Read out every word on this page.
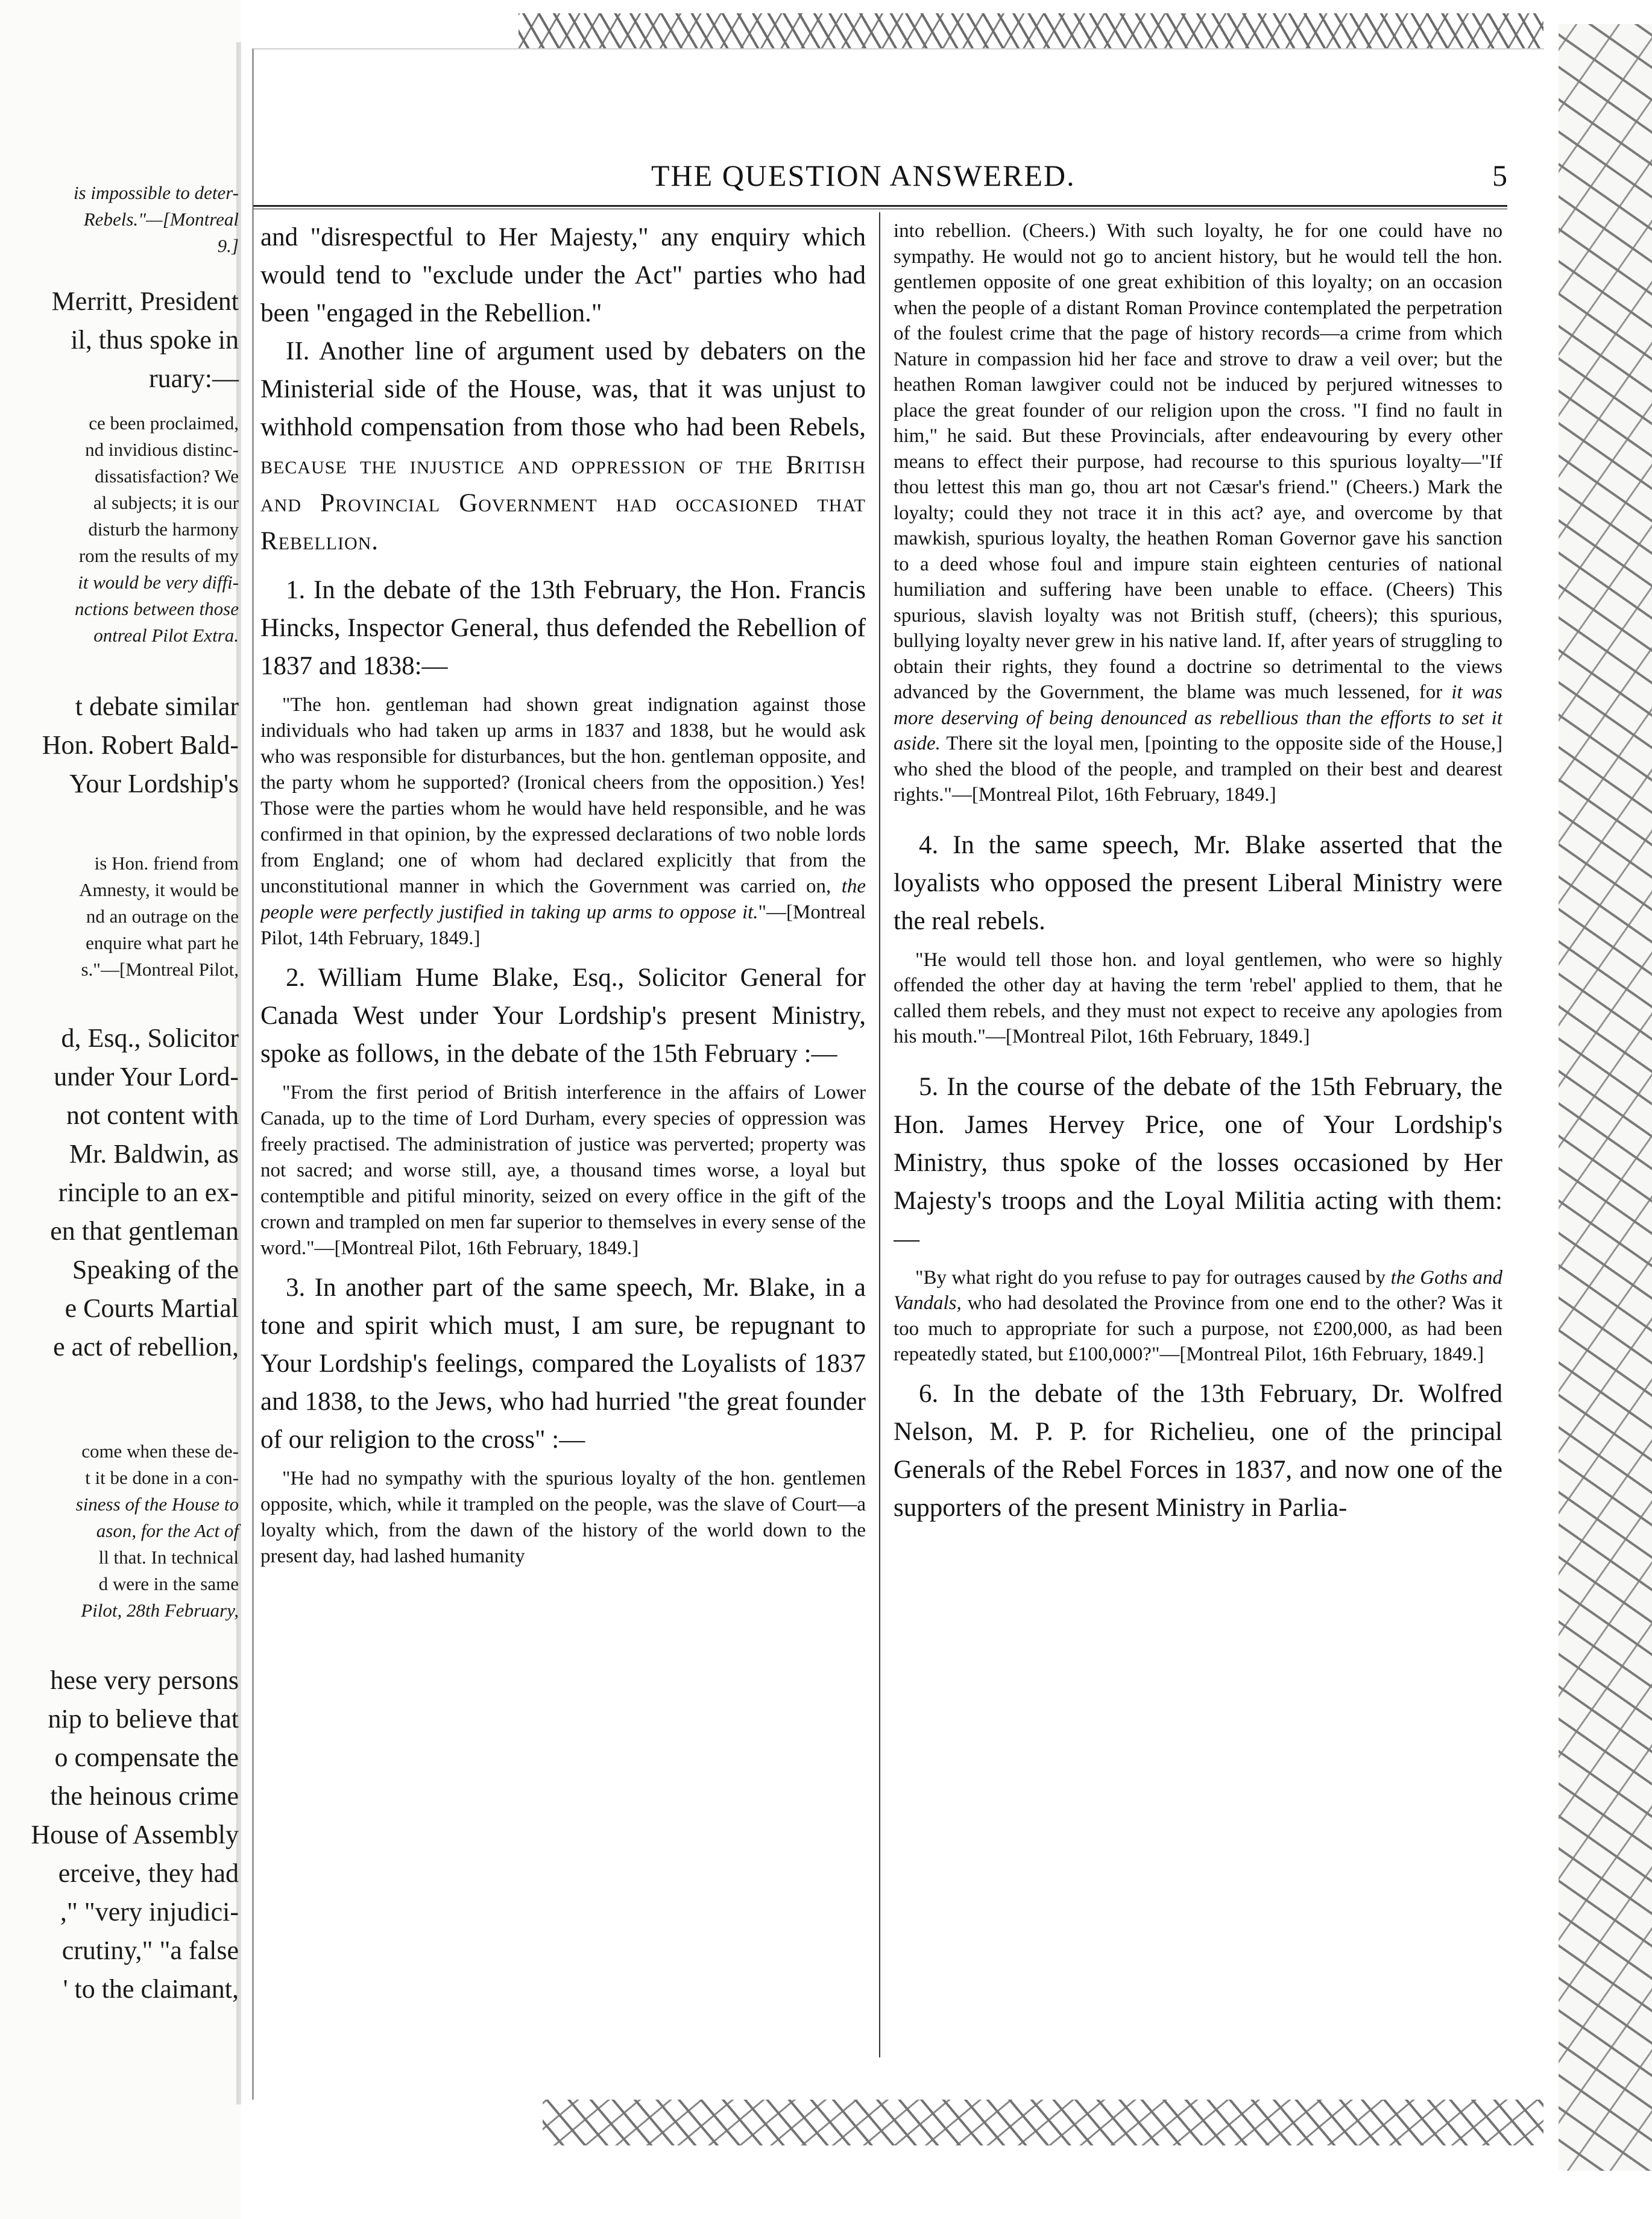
is impossible to deter-
Rebels."—[Montreal
9.]
Merritt, President
il, thus spoke in
ruary:—
ce been proclaimed,
nd invidious distinc-
dissatisfaction? We
al subjects; it is our
disturb the harmony
rom the results of my
it would be very diffi-
nctions between those
ontreal Pilot Extra.
t debate similar
Hon. Robert Bald-
Your Lordship's
is Hon. friend from
Amnesty, it would be
nd an outrage on the
enquire what part he
s."—[Montreal Pilot,
d, Esq., Solicitor
under Your Lord-
not content with
Mr. Baldwin, as
rinciple to an ex-
en that gentleman
Speaking of the
e Courts Martial
e act of rebellion,
come when these de-
t it be done in a con-
siness of the House to
ason, for the Act of
ll that. In technical
d were in the same
Pilot, 28th February,
hese very persons
nip to believe that
o compensate the
the heinous crime
House of Assembly
erceive, they had
," "very injudici-
crutiny," "a false
' to the claimant,
THE QUESTION ANSWERED.	5

and "disrespectful to Her Majesty," any enquiry which would tend to "exclude under the Act" parties who had been "engaged in the Rebellion."

II. Another line of argument used by debaters on the Ministerial side of the House, was, that it was unjust to withhold compensation from those who had been Rebels, because the injustice and oppression of the British and Provincial Government had occasioned that Rebellion.

1. In the debate of the 13th February, the Hon. Francis Hincks, Inspector General, thus defended the Rebellion of 1837 and 1838:—

"The hon. gentleman had shown great indignation against those individuals who had taken up arms in 1837 and 1838, but he would ask who was responsible for disturbances, but the hon. gentleman opposite, and the party whom he supported? (Ironical cheers from the opposition.) Yes! Those were the parties whom he would have held responsible, and he was confirmed in that opinion, by the expressed declarations of two noble lords from England; one of whom had declared explicitly that from the unconstitutional manner in which the Government was carried on, the people were perfectly justified in taking up arms to oppose it."—[Montreal Pilot, 14th February, 1849.]

2. William Hume Blake, Esq., Solicitor General for Canada West under Your Lordship's present Ministry, spoke as follows, in the debate of the 15th February :—

"From the first period of British interference in the affairs of Lower Canada, up to the time of Lord Durham, every species of oppression was freely practised. The administration of justice was perverted; property was not sacred; and worse still, aye, a thousand times worse, a loyal but contemptible and pitiful minority, seized on every office in the gift of the crown and trampled on men far superior to themselves in every sense of the word."—[Montreal Pilot, 16th February, 1849.]

3. In another part of the same speech, Mr. Blake, in a tone and spirit which must, I am sure, be repugnant to Your Lordship's feelings, compared the Loyalists of 1837 and 1838, to the Jews, who had hurried "the great founder of our religion to the cross" :—

"He had no sympathy with the spurious loyalty of the hon. gentlemen opposite, which, while it trampled on the people, was the slave of Court—a loyalty which, from the dawn of the history of the world down to the present day, had lashed humanity

into rebellion. (Cheers.) With such loyalty, he for one could have no sympathy. He would not go to ancient history, but he would tell the hon. gentlemen opposite of one great exhibition of this loyalty; on an occasion when the people of a distant Roman Province contemplated the perpetration of the foulest crime that the page of history records—a crime from which Nature in compassion hid her face and strove to draw a veil over; but the heathen Roman lawgiver could not be induced by perjured witnesses to place the great founder of our religion upon the cross. "I find no fault in him," he said. But these Provincials, after endeavouring by every other means to effect their purpose, had recourse to this spurious loyalty—"If thou lettest this man go, thou art not Cæsar's friend." (Cheers.) Mark the loyalty; could they not trace it in this act? aye, and overcome by that mawkish, spurious loyalty, the heathen Roman Governor gave his sanction to a deed whose foul and impure stain eighteen centuries of national humiliation and suffering have been unable to efface. (Cheers) This spurious, slavish loyalty was not British stuff, (cheers); this spurious, bullying loyalty never grew in his native land. If, after years of struggling to obtain their rights, they found a doctrine so detrimental to the views advanced by the Government, the blame was much lessened, for it was more deserving of being denounced as rebellious than the efforts to set it aside. There sit the loyal men, [pointing to the opposite side of the House,] who shed the blood of the people, and trampled on their best and dearest rights."—[Montreal Pilot, 16th February, 1849.]

4. In the same speech, Mr. Blake asserted that the loyalists who opposed the present Liberal Ministry were the real rebels.

"He would tell those hon. and loyal gentlemen, who were so highly offended the other day at having the term 'rebel' applied to them, that he called them rebels, and they must not expect to receive any apologies from his mouth."—[Montreal Pilot, 16th February, 1849.]

5. In the course of the debate of the 15th February, the Hon. James Hervey Price, one of Your Lordship's Ministry, thus spoke of the losses occasioned by Her Majesty's troops and the Loyal Militia acting with them:—

"By what right do you refuse to pay for outrages caused by the Goths and Vandals, who had desolated the Province from one end to the other? Was it too much to appropriate for such a purpose, not £200,000, as had been repeatedly stated, but £100,000?"—[Montreal Pilot, 16th February, 1849.]

6. In the debate of the 13th February, Dr. Wolfred Nelson, M. P. P. for Richelieu, one of the principal Generals of the Rebel Forces in 1837, and now one of the supporters of the present Ministry in Parlia-
